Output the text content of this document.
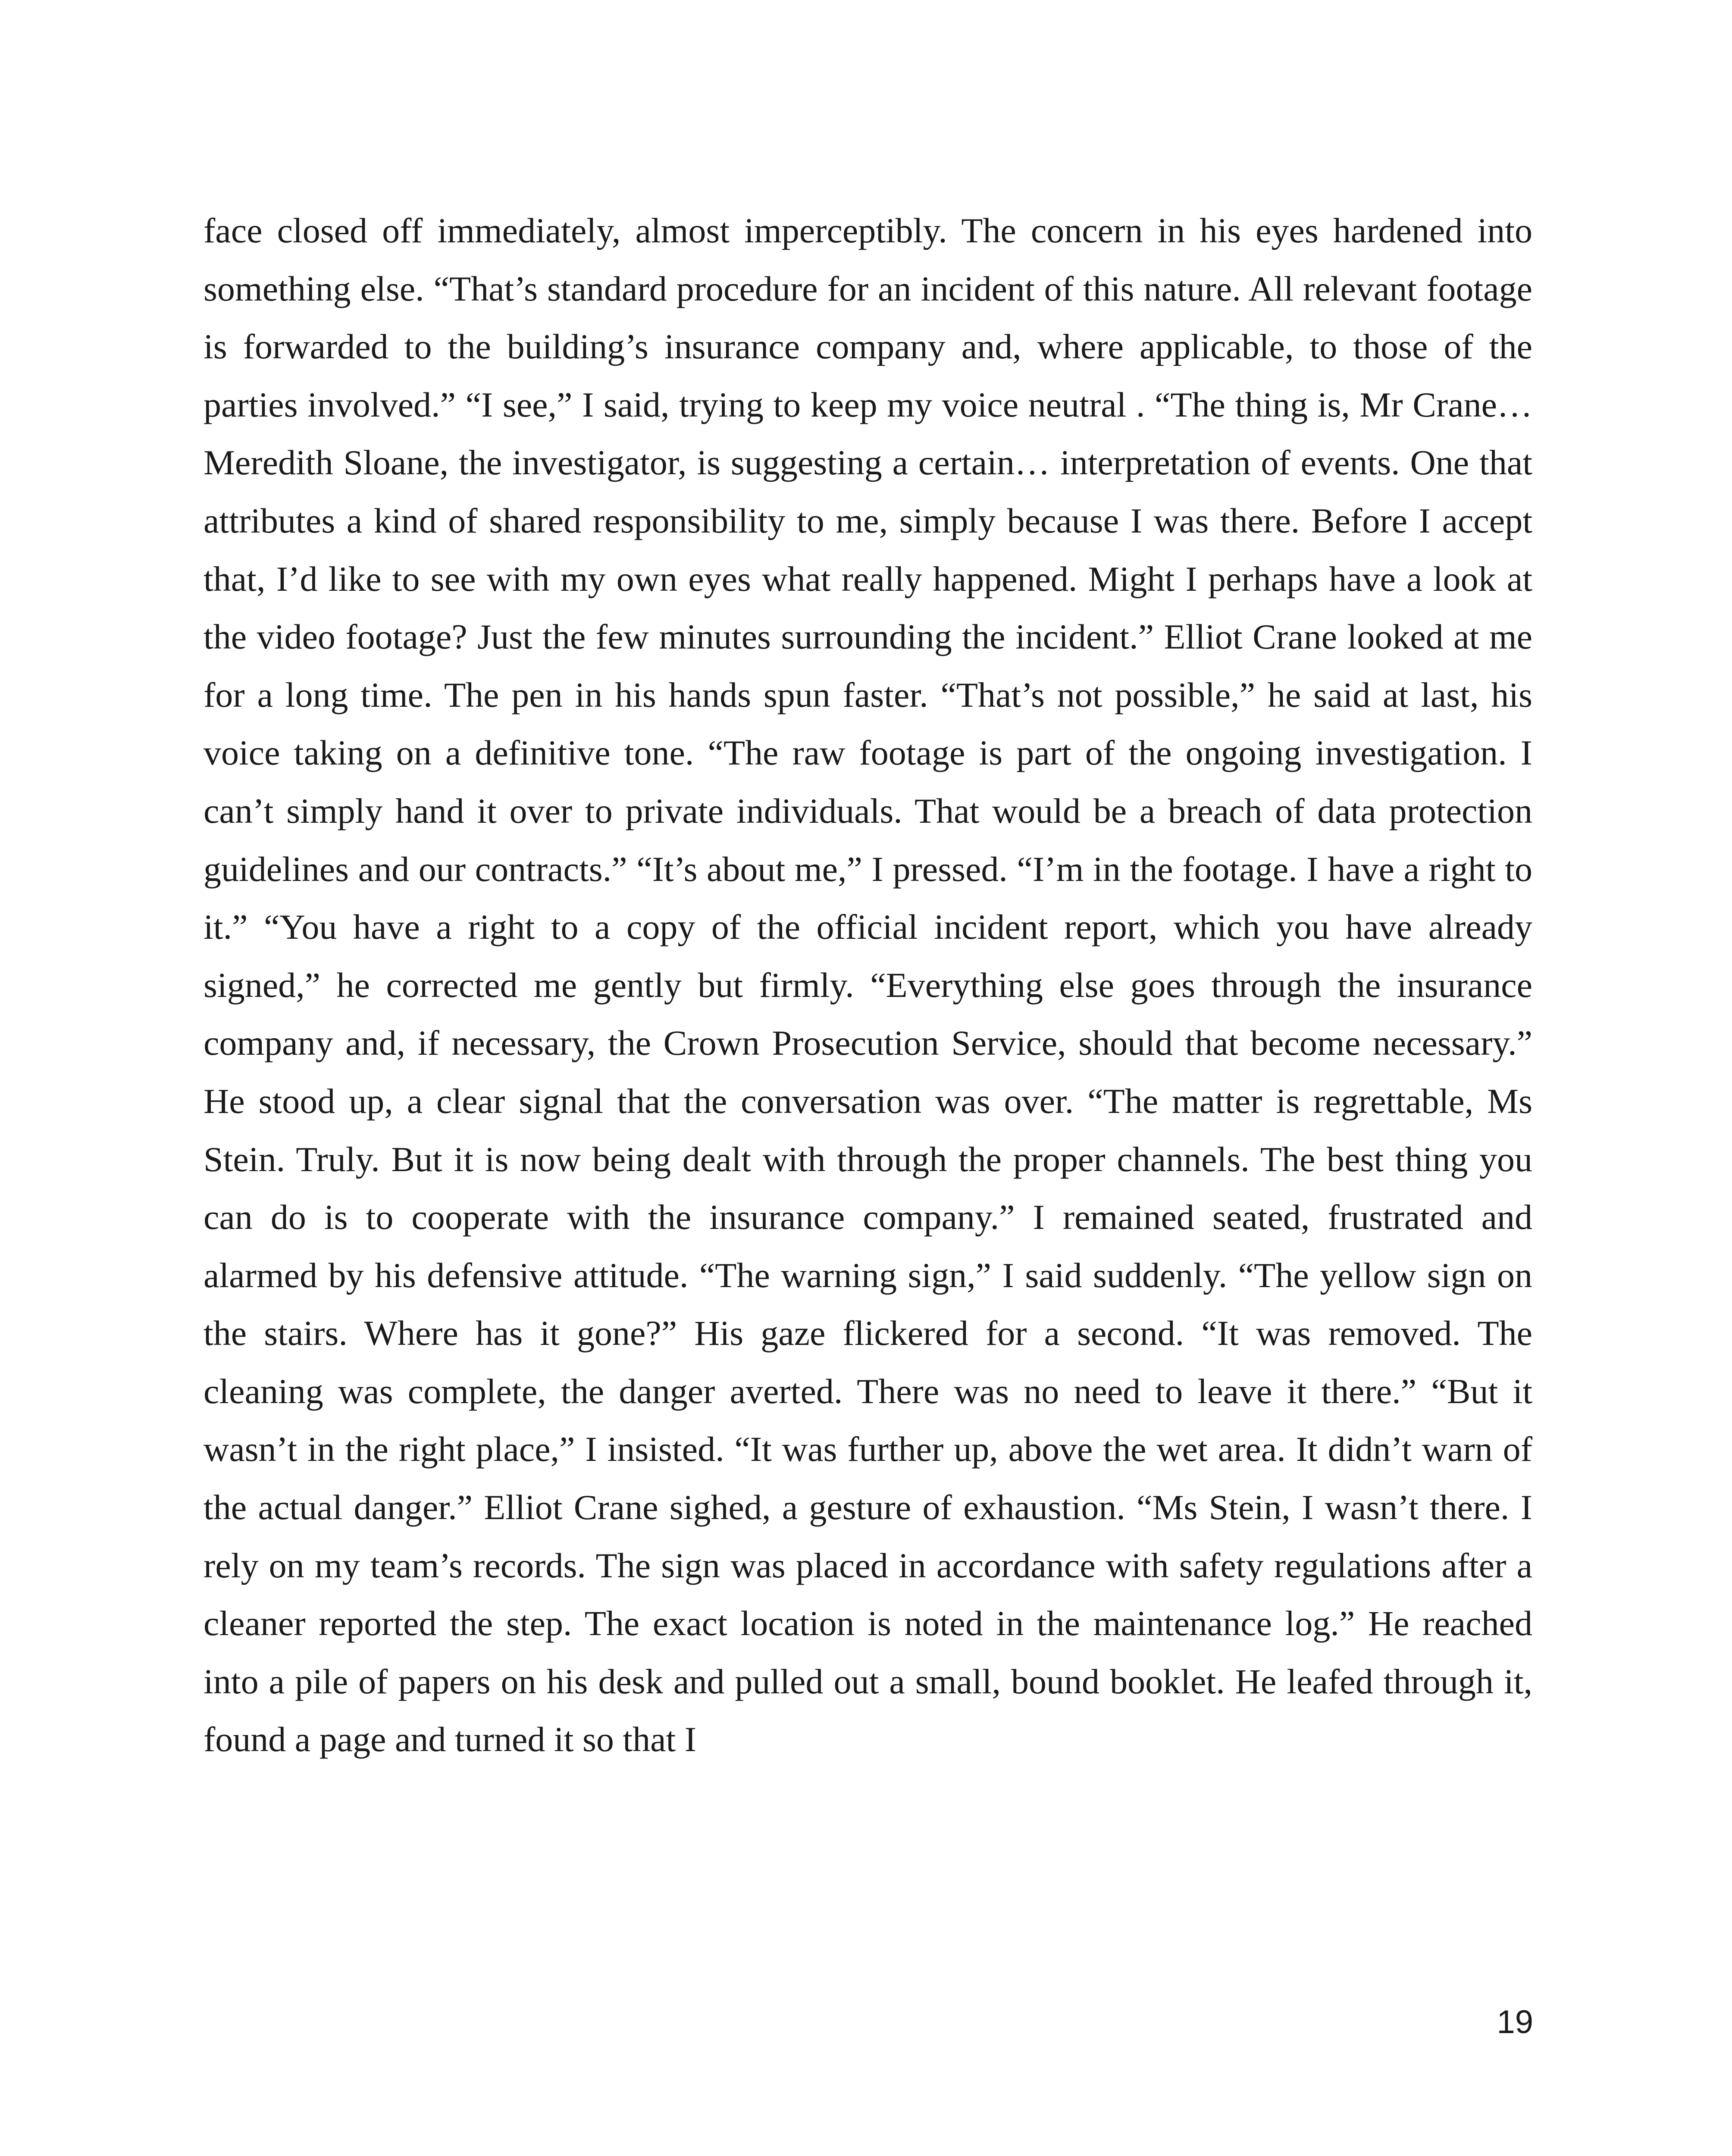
face closed off immediately, almost imperceptibly. The concern in his eyes hardened into something else. “That’s standard procedure for an incident of this nature. All relevant footage is forwarded to the building’s insurance company and, where applicable, to those of the parties involved.” “I see,” I said, trying to keep my voice neutral . “The thing is, Mr Crane… Meredith Sloane, the investigator, is suggesting a certain… interpretation of events. One that attributes a kind of shared responsibility to me, simply because I was there. Before I accept that, I’d like to see with my own eyes what really happened. Might I perhaps have a look at the video footage? Just the few minutes surrounding the incident.” Elliot Crane looked at me for a long time. The pen in his hands spun faster. “That’s not possible,” he said at last, his voice taking on a definitive tone. “The raw footage is part of the ongoing investigation. I can’t simply hand it over to private individuals. That would be a breach of data protection guidelines and our contracts.” “It’s about me,” I pressed. “I’m in the footage. I have a right to it.” “You have a right to a copy of the official incident report, which you have already signed,” he corrected me gently but firmly. “Everything else goes through the insurance company and, if necessary, the Crown Prosecution Service, should that become necessary.” He stood up, a clear signal that the conversation was over. “The matter is regrettable, Ms Stein. Truly. But it is now being dealt with through the proper channels. The best thing you can do is to cooperate with the insurance company.” I remained seated, frustrated and alarmed by his defensive attitude. “The warning sign,” I said suddenly. “The yellow sign on the stairs. Where has it gone?” His gaze flickered for a second. “It was removed. The cleaning was complete, the danger averted. There was no need to leave it there.” “But it wasn’t in the right place,” I insisted. “It was further up, above the wet area. It didn’t warn of the actual danger.” Elliot Crane sighed, a gesture of exhaustion. “Ms Stein, I wasn’t there. I rely on my team’s records. The sign was placed in accordance with safety regulations after a cleaner reported the step. The exact location is noted in the maintenance log.” He reached into a pile of papers on his desk and pulled out a small, bound booklet. He leafed through it, found a page and turned it so that I

19
